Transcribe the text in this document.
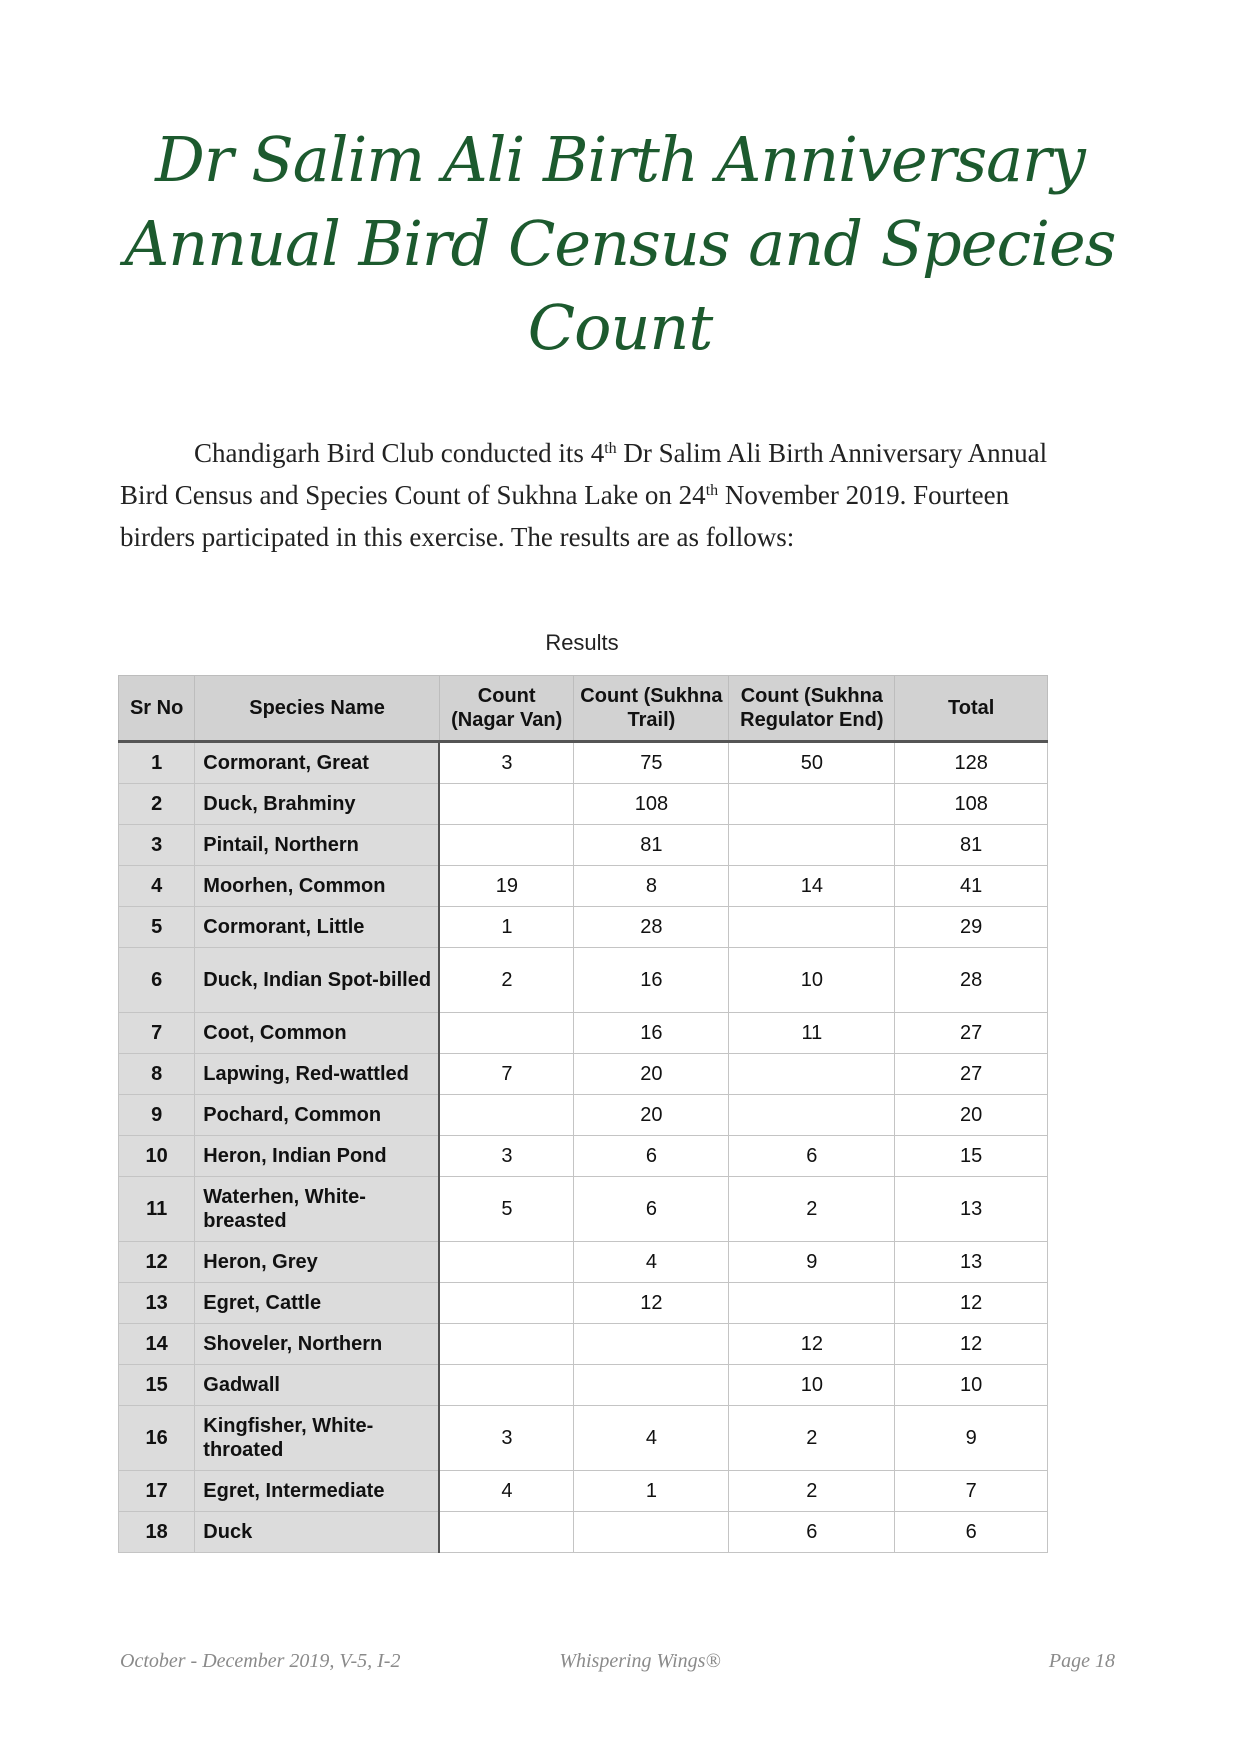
Dr Salim Ali Birth Anniversary
Annual Bird Census and Species
Count

Chandigarh Bird Club conducted its 4th Dr Salim Ali Birth Anniversary Annual Bird Census and Species Count of Sukhna Lake on 24th November 2019. Fourteen birders participated in this exercise. The results are as follows:

Results
Sr No	Species Name	Count (Nagar Van)	Count (Sukhna Trail)	Count (Sukhna Regulator End)	Total
1	Cormorant, Great	3	75	50	128
2	Duck, Brahminy		108		108
3	Pintail, Northern		81		81
4	Moorhen, Common	19	8	14	41
5	Cormorant, Little	1	28		29
6	Duck, Indian Spot-billed	2	16	10	28
7	Coot, Common		16	11	27
8	Lapwing, Red-wattled	7	20		27
9	Pochard, Common		20		20
10	Heron, Indian Pond	3	6	6	15
11	Waterhen, White-breasted	5	6	2	13
12	Heron, Grey		4	9	13
13	Egret, Cattle		12		12
14	Shoveler, Northern			12	12
15	Gadwall			10	10
16	Kingfisher, White-throated	3	4	2	9
17	Egret, Intermediate	4	1	2	7
18	Duck			6	6
October - December 2019, V-5, I-2	Whispering Wings®	Page 18
